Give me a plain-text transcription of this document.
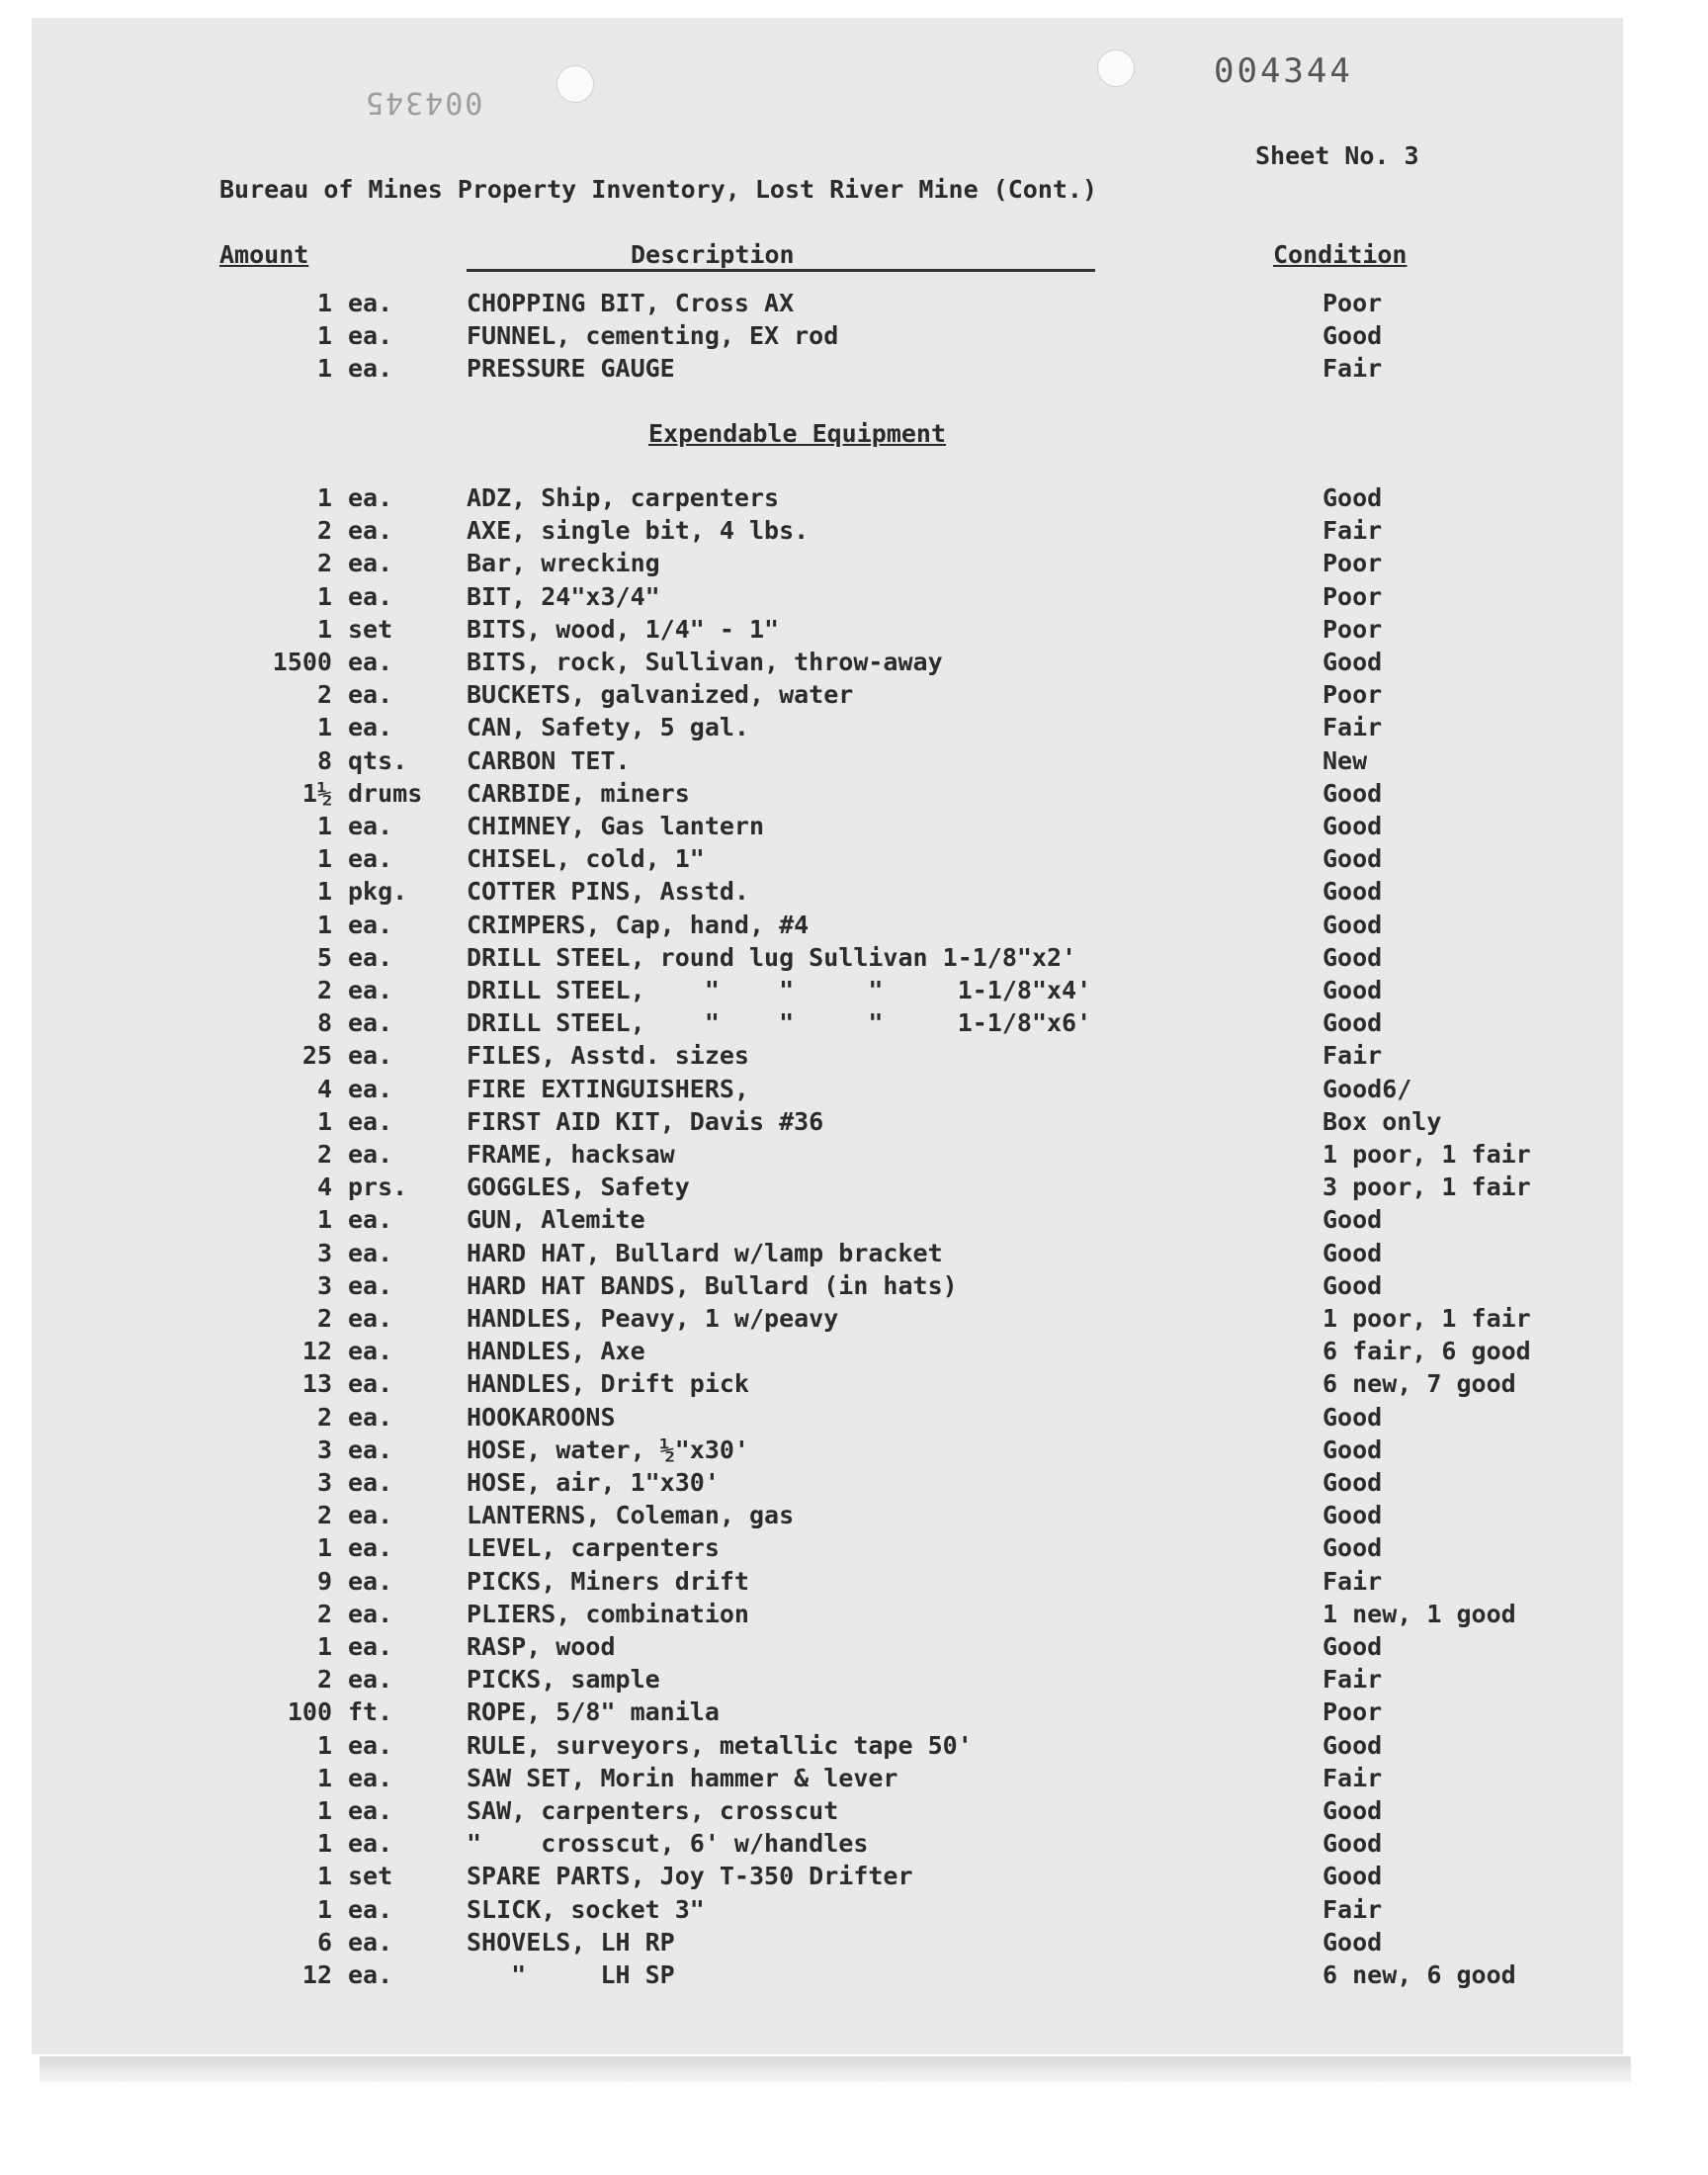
004344
004345
Sheet No. 3
Bureau of Mines Property Inventory, Lost River Mine (Cont.)
Amount	Description	Condition
1 ea.	CHOPPING BIT, Cross AX	Poor
1 ea.	FUNNEL, cementing, EX rod	Good
1 ea.	PRESSURE GAUGE	Fair
Expendable Equipment
1 ea.	ADZ, Ship, carpenters	Good
2 ea.	AXE, single bit, 4 lbs.	Fair
2 ea.	Bar, wrecking	Poor
1 ea.	BIT, 24"x3/4"	Poor
1 set	BITS, wood, 1/4" - 1"	Poor
1500 ea.	BITS, rock, Sullivan, throw-away	Good
2 ea.	BUCKETS, galvanized, water	Poor
1 ea.	CAN, Safety, 5 gal.	Fair
8 qts. CARBON TET.	New
1½ drums CARBIDE, miners	Good
1 ea.	CHIMNEY, Gas lantern	Good
1 ea.	CHISEL, cold, 1"	Good
1 pkg. COTTER PINS, Asstd.	Good
1 ea.	CRIMPERS, Cap, hand, #4	Good
5 ea.	DRILL STEEL, round lug Sullivan 1-1/8"x2'	Good
2 ea.	DRILL STEEL,    "    "     "     1-1/8"x4'	Good
8 ea.	DRILL STEEL,    "    "     "     1-1/8"x6'	Good
25 ea.	FILES, Asstd. sizes	Fair
4 ea.	FIRE EXTINGUISHERS,	Good6/
1 ea.	FIRST AID KIT, Davis #36	Box only
2 ea.	FRAME, hacksaw	1 poor, 1 fair
4 prs. GOGGLES, Safety	3 poor, 1 fair
1 ea.	GUN, Alemite	Good
3 ea.	HARD HAT, Bullard w/lamp bracket	Good
3 ea.	HARD HAT BANDS, Bullard (in hats)	Good
2 ea.	HANDLES, Peavy, 1 w/peavy	1 poor, 1 fair
12 ea.	HANDLES, Axe	6 fair, 6 good
13 ea.	HANDLES, Drift pick	6 new, 7 good
2 ea.	HOOKAROONS	Good
3 ea.	HOSE, water, ½"x30'	Good
3 ea.	HOSE, air, 1"x30'	Good
2 ea.	LANTERNS, Coleman, gas	Good
1 ea.	LEVEL, carpenters	Good
9 ea.	PICKS, Miners drift	Fair
2 ea.	PLIERS, combination	1 new, 1 good
1 ea.	RASP, wood	Good
2 ea.	PICKS, sample	Fair
100 ft.	ROPE, 5/8" manila	Poor
1 ea.	RULE, surveyors, metallic tape 50'	Good
1 ea.	SAW SET, Morin hammer & lever	Fair
1 ea.	SAW, carpenters, crosscut	Good
1 ea.	"    crosscut, 6' w/handles	Good
1 set	SPARE PARTS, Joy T-350 Drifter	Good
1 ea.	SLICK, socket 3"	Fair
6 ea.	SHOVELS, LH RP	Good
12 ea.	"     LH SP	6 new, 6 good
